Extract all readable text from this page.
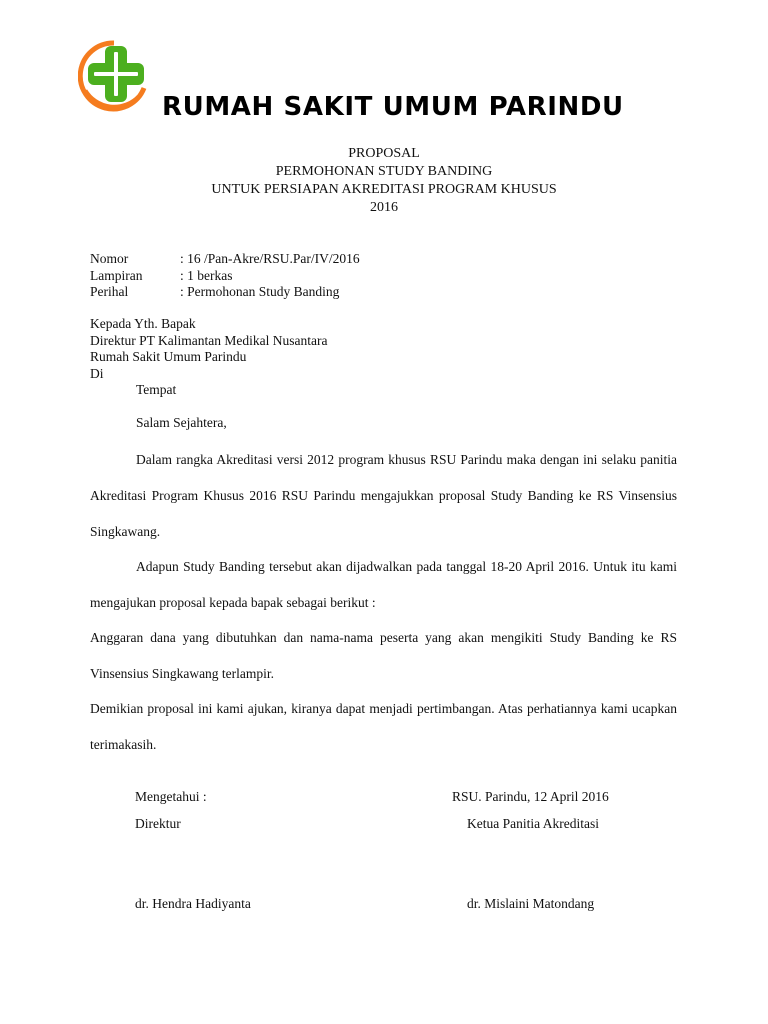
RUMAH SAKIT UMUM PARINDU
PROPOSAL
PERMOHONAN STUDY BANDING
UNTUK PERSIAPAN AKREDITASI PROGRAM KHUSUS
2016
Nomor	: 16 /Pan-Akre/RSU.Par/IV/2016
Lampiran	: 1 berkas
Perihal	: Permohonan Study Banding
Kepada Yth. Bapak
Direktur PT Kalimantan Medikal Nusantara
Rumah Sakit Umum Parindu
Di
Tempat
Salam Sejahtera,
Dalam rangka Akreditasi versi 2012 program khusus RSU Parindu maka dengan ini selaku panitia Akreditasi Program Khusus 2016 RSU Parindu mengajukkan proposal Study Banding ke RS Vinsensius Singkawang.
Adapun Study Banding tersebut akan dijadwalkan pada tanggal 18-20 April 2016. Untuk itu kami mengajukan proposal kepada bapak sebagai berikut :
Anggaran dana yang dibutuhkan dan nama-nama peserta yang akan mengikiti Study Banding ke RS Vinsensius Singkawang terlampir.
Demikian proposal ini kami ajukan, kiranya dapat menjadi pertimbangan. Atas perhatiannya kami ucapkan terimakasih.
Mengetahui :
Direktur
dr. Hendra Hadiyanta
RSU. Parindu, 12 April 2016
Ketua Panitia Akreditasi
dr. Mislaini Matondang
